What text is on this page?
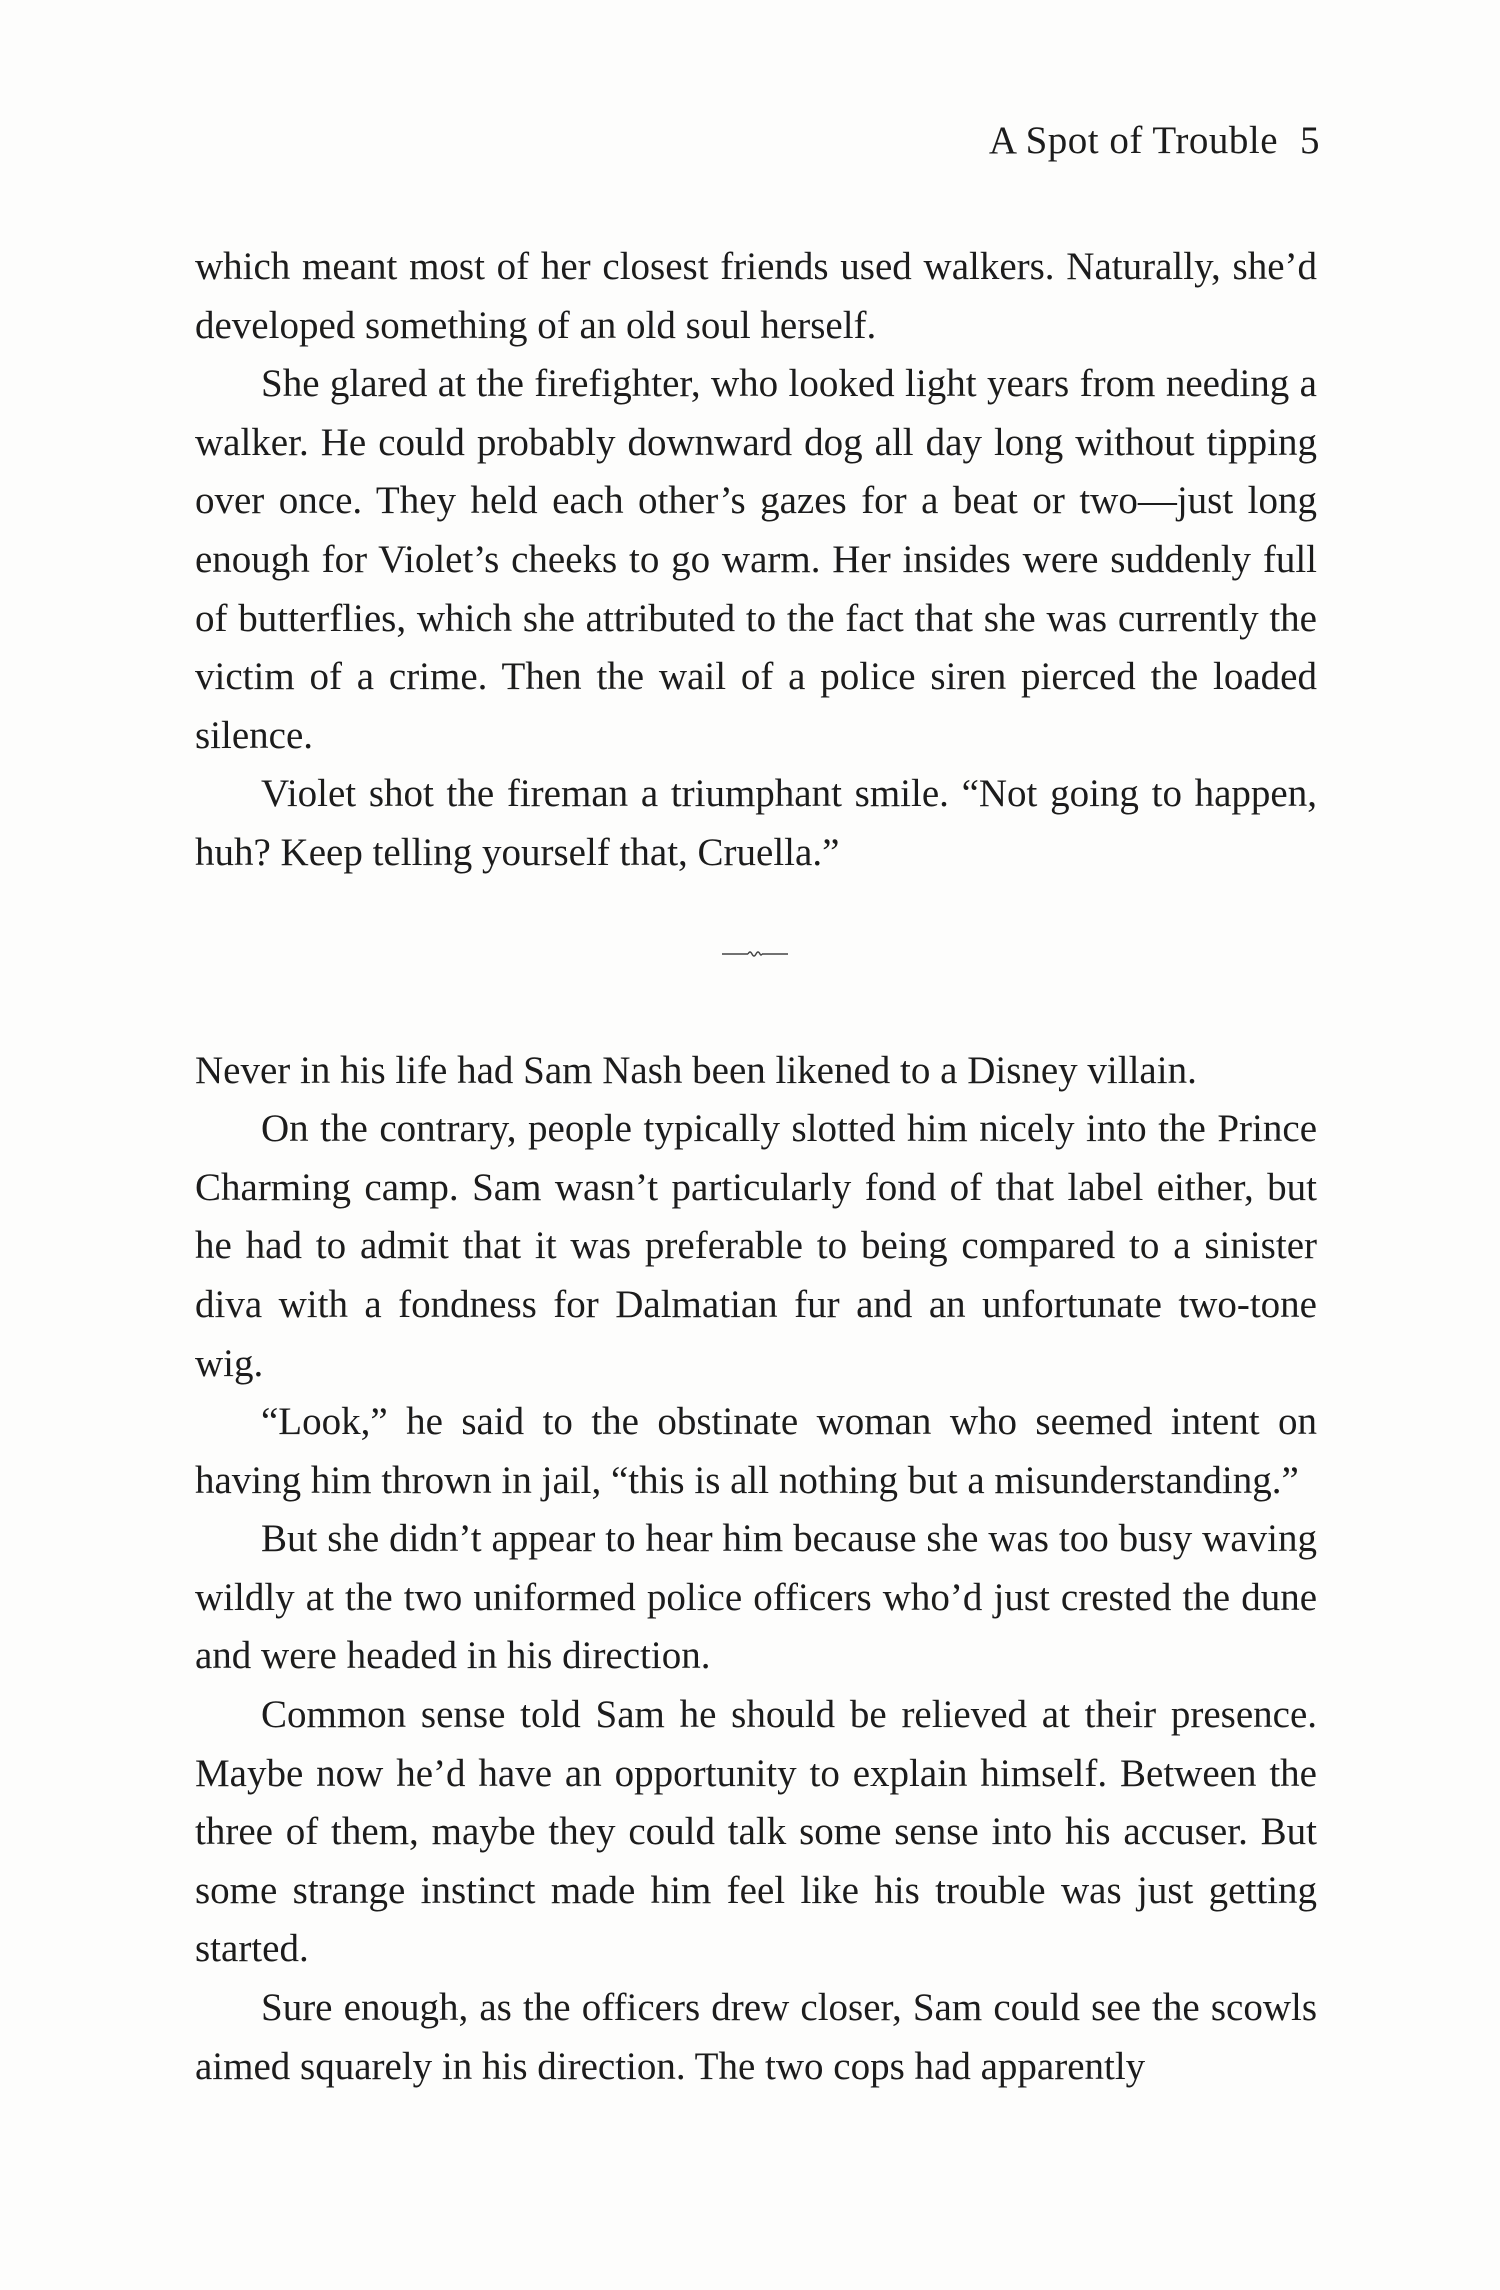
A Spot of Trouble 5

which meant most of her closest friends used walkers. Naturally, she’d developed something of an old soul herself.

She glared at the firefighter, who looked light years from needing a walker. He could probably downward dog all day long without tipping over once. They held each other’s gazes for a beat or two—just long enough for Violet’s cheeks to go warm. Her insides were suddenly full of butterflies, which she attributed to the fact that she was currently the victim of a crime. Then the wail of a police siren pierced the loaded silence.

Violet shot the fireman a triumphant smile. “Not going to happen, huh? Keep telling yourself that, Cruella.”

Never in his life had Sam Nash been likened to a Disney villain.

On the contrary, people typically slotted him nicely into the Prince Charming camp. Sam wasn’t particularly fond of that label either, but he had to admit that it was preferable to being compared to a sinister diva with a fondness for Dalmatian fur and an unfortunate two-tone wig.

“Look,” he said to the obstinate woman who seemed intent on having him thrown in jail, “this is all nothing but a misunderstanding.”

But she didn’t appear to hear him because she was too busy waving wildly at the two uniformed police officers who’d just crested the dune and were headed in his direction.

Common sense told Sam he should be relieved at their presence. Maybe now he’d have an opportunity to explain himself. Between the three of them, maybe they could talk some sense into his accuser. But some strange instinct made him feel like his trouble was just getting started.

Sure enough, as the officers drew closer, Sam could see the scowls aimed squarely in his direction. The two cops had apparently
